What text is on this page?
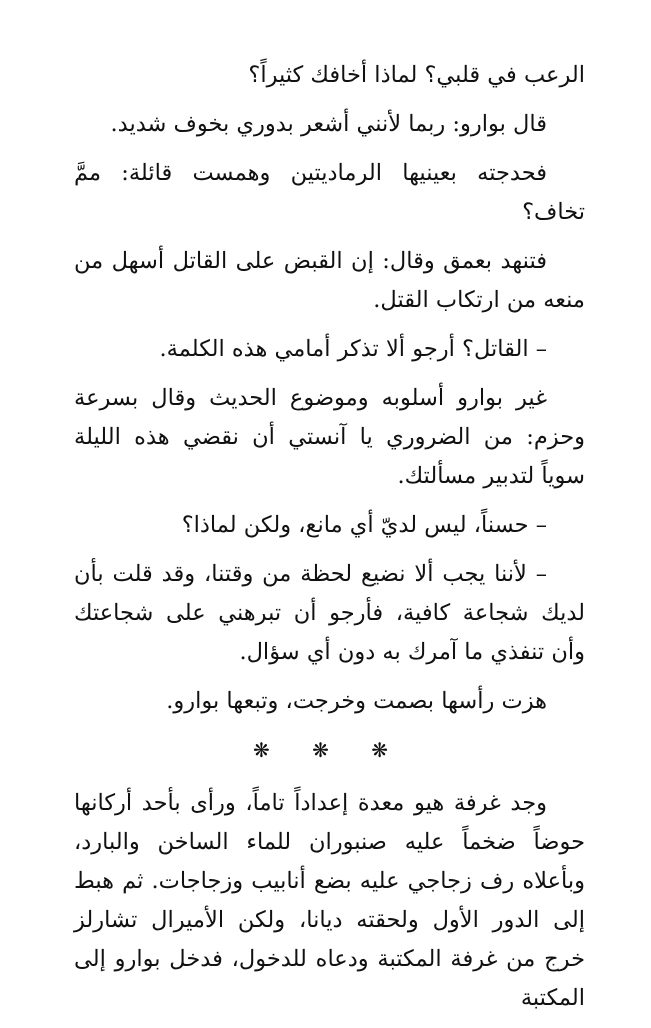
الرعب في قلبي؟ لماذا أخافك كثيراً؟

قال بوارو: ربما لأنني أشعر بدوري بخوف شديد.

فحدجته بعينيها الرماديتين وهمست قائلة: ممَّ تخاف؟

فتنهد بعمق وقال: إن القبض على القاتل أسهل من منعه من ارتكاب القتل.

– القاتل؟ أرجو ألا تذكر أمامي هذه الكلمة.

غير بوارو أسلوبه وموضوع الحديث وقال بسرعة وحزم: من الضروري يا آنستي أن نقضي هذه الليلة سوياً لتدبير مسألتك.

– حسناً، ليس لديّ أي مانع، ولكن لماذا؟

– لأننا يجب ألا نضيع لحظة من وقتنا، وقد قلت بأن لديك شجاعة كافية، فأرجو أن تبرهني على شجاعتك وأن تنفذي ما آمرك به دون أي سؤال.

هزت رأسها بصمت وخرجت، وتبعها بوارو.

❋ ❋ ❋

وجد غرفة هيو معدة إعداداً تاماً، ورأى بأحد أركانها حوضاً ضخماً عليه صنبوران للماء الساخن والبارد، وبأعلاه رف زجاجي عليه بضع أنابيب وزجاجات. ثم هبط إلى الدور الأول ولحقته ديانا، ولكن الأميرال تشارلز خرج من غرفة المكتبة ودعاه للدخول، فدخل بوارو إلى المكتبة
